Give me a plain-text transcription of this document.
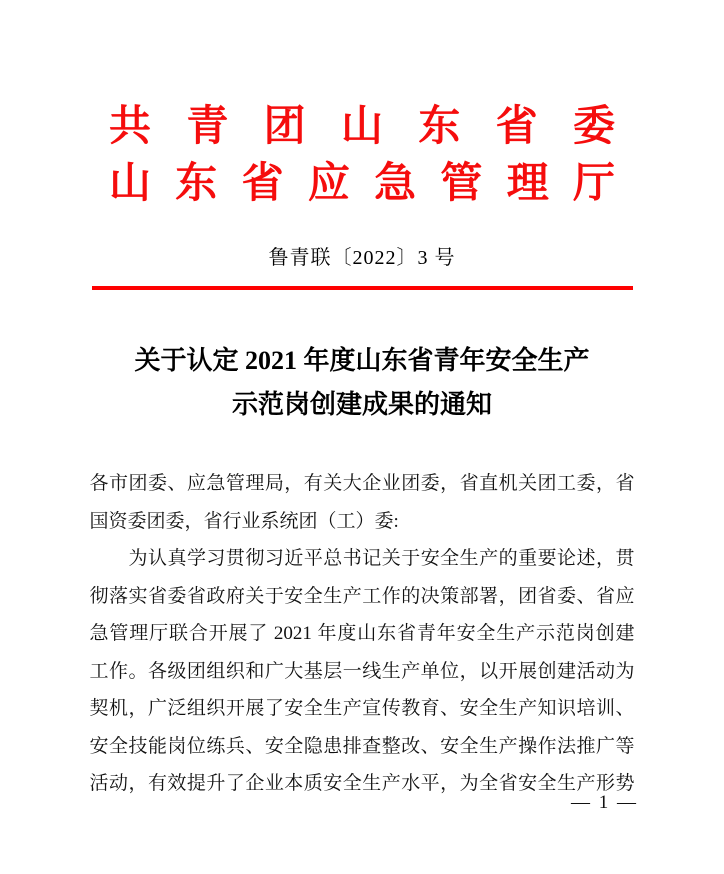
共 青 团 山 东 省 委
山 东 省 应 急 管 理 厅
鲁青联〔2022〕3 号
关于认定 2021 年度山东省青年安全生产
示范岗创建成果的通知

各市团委、应急管理局，有关大企业团委，省直机关团工委，省

国资委团委，省行业系统团（工）委:

为认真学习贯彻习近平总书记关于安全生产的重要论述，贯

彻落实省委省政府关于安全生产工作的决策部署，团省委、省应

急管理厅联合开展了 2021 年度山东省青年安全生产示范岗创建

工作。各级团组织和广大基层一线生产单位，以开展创建活动为

契机，广泛组织开展了安全生产宣传教育、安全生产知识培训、

安全技能岗位练兵、安全隐患排查整改、安全生产操作法推广等

活动，有效提升了企业本质安全生产水平，为全省安全生产形势

— 1 —
